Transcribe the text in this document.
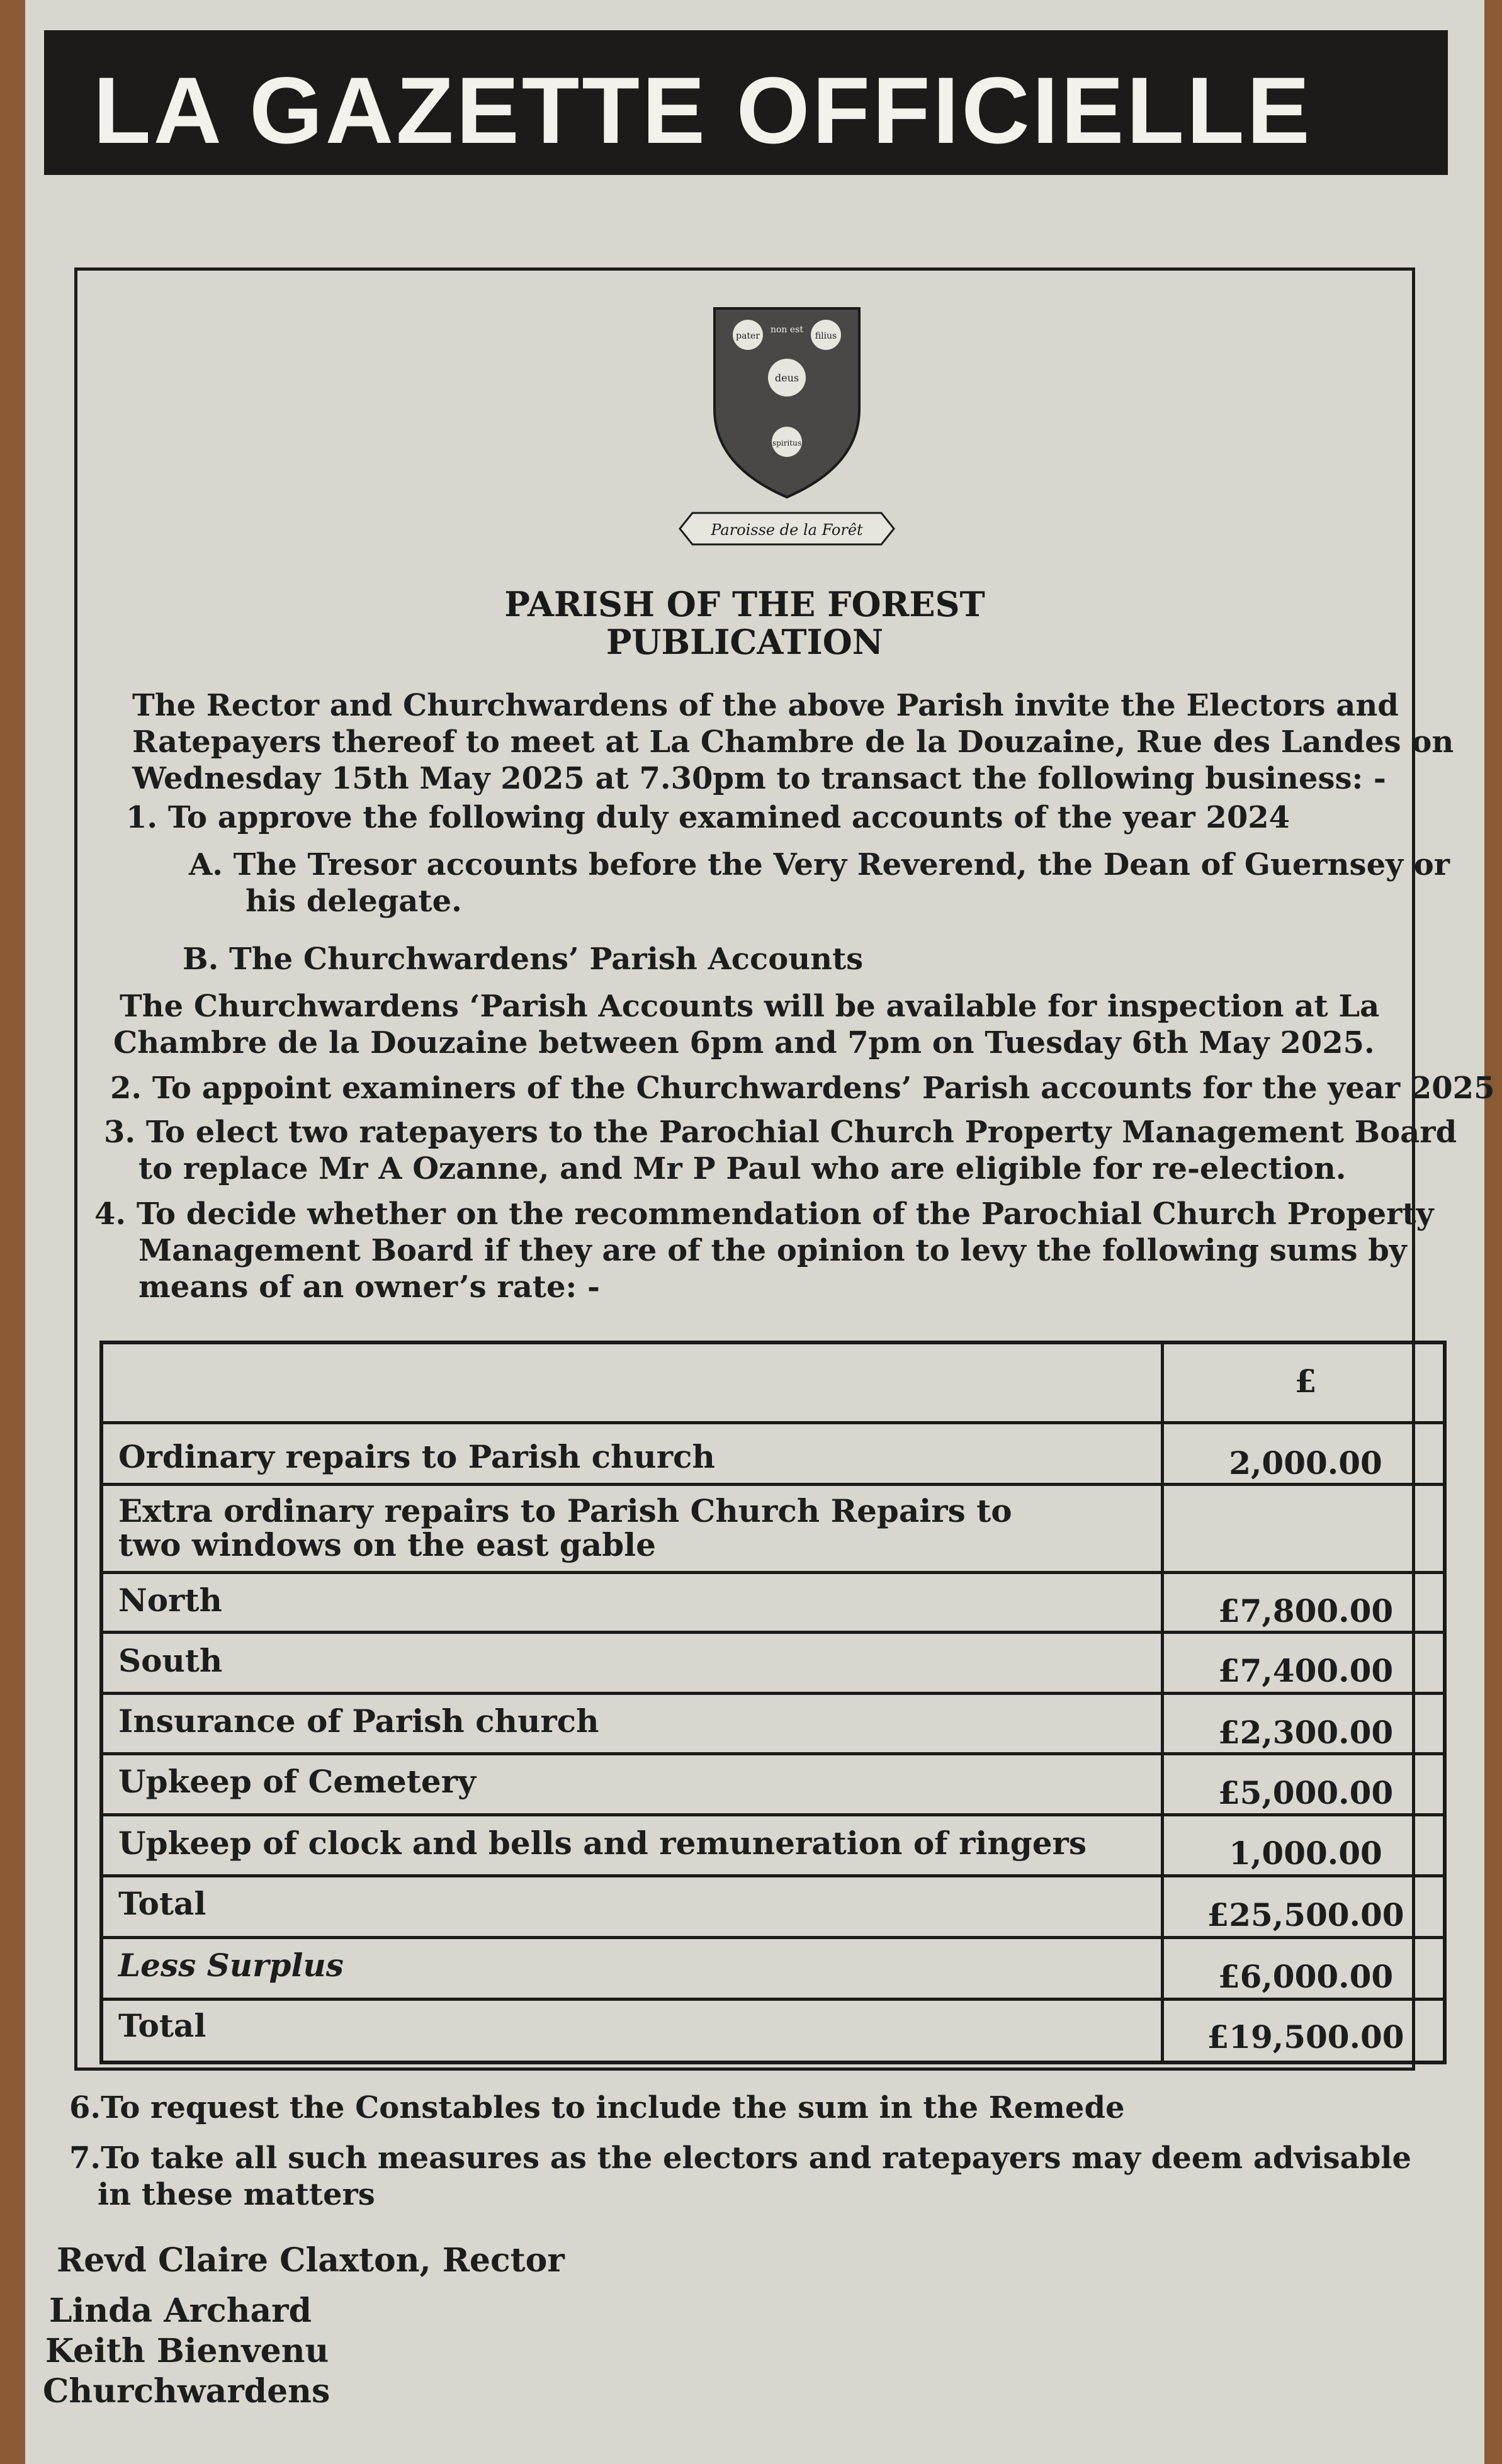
LA GAZETTE OFFICIELLE
pater
non est
filius
deus
spiritus
Paroisse de la Forêt
PARISH OF THE FOREST
PUBLICATION
The Rector and Churchwardens of the above Parish invite the Electors and
Ratepayers thereof to meet at La Chambre de la Douzaine, Rue des Landes on
Wednesday 15th May 2025 at 7.30pm to transact the following business: -
1. To approve the following duly examined accounts of the year 2024
A. The Tresor accounts before the Very Reverend, the Dean of Guernsey or
his delegate.
B. The Churchwardens’ Parish Accounts
The Churchwardens ‘Parish Accounts will be available for inspection at La
Chambre de la Douzaine between 6pm and 7pm on Tuesday 6th May 2025.
2. To appoint examiners of the Churchwardens’ Parish accounts for the year 2025
3. To elect two ratepayers to the Parochial Church Property Management Board
to replace Mr A Ozanne, and Mr P Paul who are eligible for re-election.
4. To decide whether on the recommendation of the Parochial Church Property
Management Board if they are of the opinion to levy the following sums by
means of an owner’s rate: -
£
Ordinary repairs to Parish church	2,000.00
Extra ordinary repairs to Parish Church Repairs to
two windows on the east gable
North	£7,800.00
South	£7,400.00
Insurance of Parish church	£2,300.00
Upkeep of Cemetery	£5,000.00
Upkeep of clock and bells and remuneration of ringers	1,000.00
Total	£25,500.00
Less Surplus	£6,000.00
Total	£19,500.00
6.To request the Constables to include the sum in the Remede
7.To take all such measures as the electors and ratepayers may deem advisable
in these matters
Revd Claire Claxton, Rector
Linda Archard
Keith Bienvenu
Churchwardens
